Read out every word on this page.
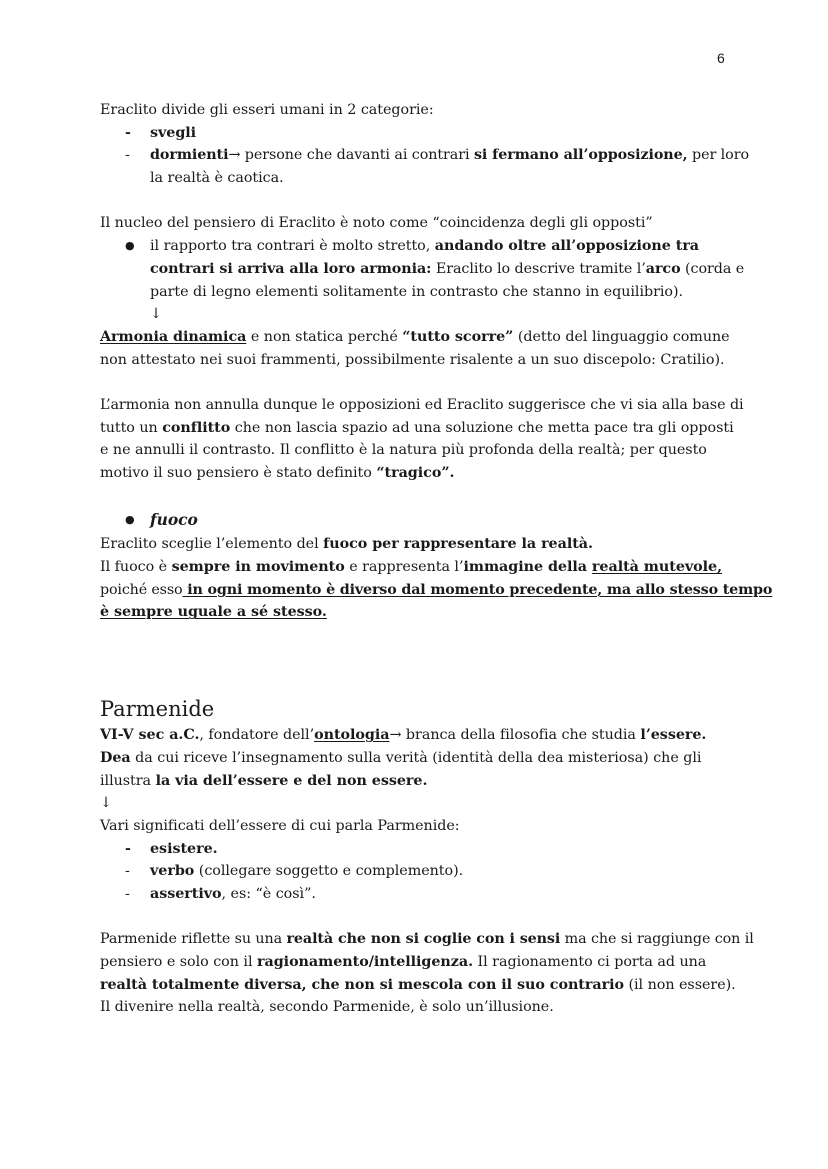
6
Eraclito divide gli esseri umani in 2 categorie:
- svegli
- dormienti→ persone che davanti ai contrari si fermano all’opposizione, per loro
la realtà è caotica.
Il nucleo del pensiero di Eraclito è noto come “coincidenza degli gli opposti”
● il rapporto tra contrari è molto stretto, andando oltre all’opposizione tra
contrari si arriva alla loro armonia: Eraclito lo descrive tramite l’arco (corda e
parte di legno elementi solitamente in contrasto che stanno in equilibrio).
↓
Armonia dinamica e non statica perché “tutto scorre” (detto del linguaggio comune
non attestato nei suoi frammenti, possibilmente risalente a un suo discepolo: Cratilio).
L’armonia non annulla dunque le opposizioni ed Eraclito suggerisce che vi sia alla base di
tutto un conflitto che non lascia spazio ad una soluzione che metta pace tra gli opposti
e ne annulli il contrasto. Il conflitto è la natura più profonda della realtà; per questo
motivo il suo pensiero è stato definito “tragico”.
● fuoco
Eraclito sceglie l’elemento del fuoco per rappresentare la realtà.
Il fuoco è sempre in movimento e rappresenta l’immagine della realtà mutevole,
poiché esso in ogni momento è diverso dal momento precedente, ma allo stesso tempo
è sempre uguale a sé stesso.
Parmenide
VI-V sec a.C., fondatore dell’ontologia→ branca della filosofia che studia l’essere.
Dea da cui riceve l’insegnamento sulla verità (identità della dea misteriosa) che gli
illustra la via dell’essere e del non essere.
↓
Vari significati dell’essere di cui parla Parmenide:
- esistere.
- verbo (collegare soggetto e complemento).
- assertivo, es: “è così”.
Parmenide riflette su una realtà che non si coglie con i sensi ma che si raggiunge con il
pensiero e solo con il ragionamento/intelligenza. Il ragionamento ci porta ad una
realtà totalmente diversa, che non si mescola con il suo contrario (il non essere).
Il divenire nella realtà, secondo Parmenide, è solo un’illusione.
